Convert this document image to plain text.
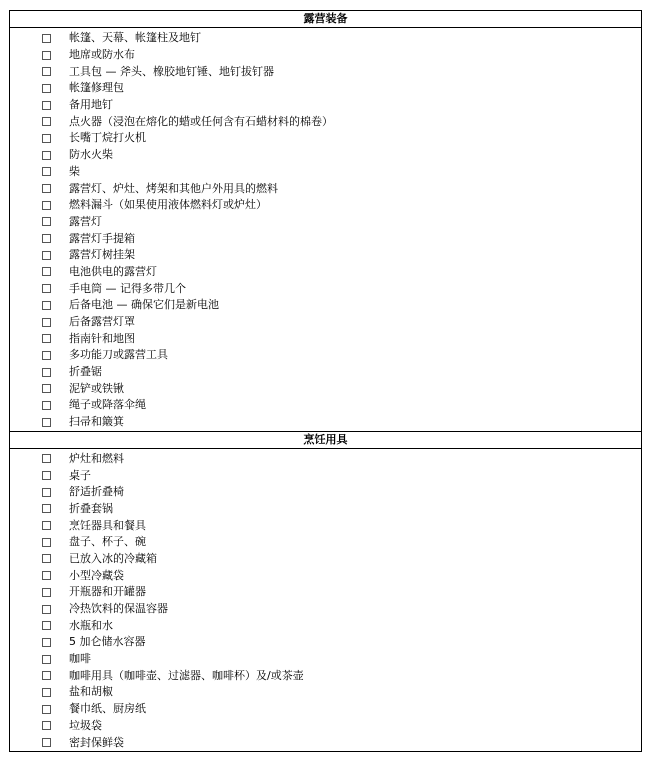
露营装备
帐篷、天幕、帐篷柱及地钉
地席或防水布
工具包 — 斧头、橡胶地钉锤、地钉拔钉器
帐篷修理包
备用地钉
点火器（浸泡在熔化的蜡或任何含有石蜡材料的棉卷）
长嘴丁烷打火机
防水火柴
柴
露营灯、炉灶、烤架和其他户外用具的燃料
燃料漏斗（如果使用液体燃料灯或炉灶）
露营灯
露营灯手提箱
露营灯树挂架
电池供电的露营灯
手电筒 — 记得多带几个
后备电池 — 确保它们是新电池
后备露营灯罩
指南针和地图
多功能刀或露营工具
折叠锯
泥铲或铁锹
绳子或降落伞绳
扫帚和簸箕
烹饪用具
炉灶和燃料
桌子
舒适折叠椅
折叠套锅
烹饪器具和餐具
盘子、杯子、碗
已放入冰的冷藏箱
小型冷藏袋
开瓶器和开罐器
冷热饮料的保温容器
水瓶和水
5 加仑储水容器
咖啡
咖啡用具（咖啡壶、过滤器、咖啡杯）及/或茶壶
盐和胡椒
餐巾纸、厨房纸
垃圾袋
密封保鲜袋
